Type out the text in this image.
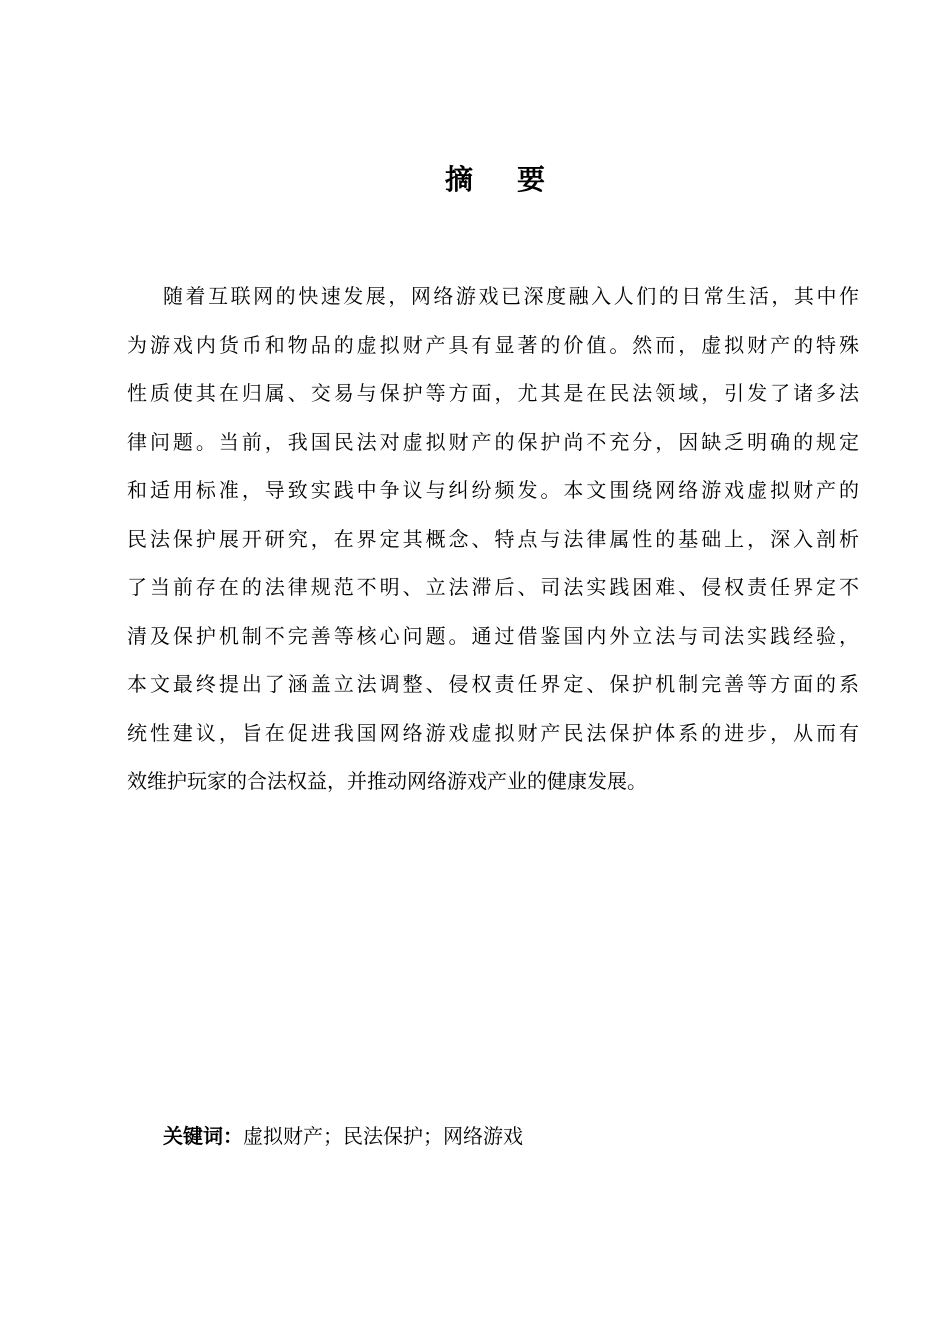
摘 要

随着互联网的快速发展，网络游戏已深度融入人们的日常生活，其中作
为游戏内货币和物品的虚拟财产具有显著的价值。然而，虚拟财产的特殊
性质使其在归属、交易与保护等方面，尤其是在民法领域，引发了诸多法
律问题。当前，我国民法对虚拟财产的保护尚不充分，因缺乏明确的规定
和适用标准，导致实践中争议与纠纷频发。本文围绕网络游戏虚拟财产的
民法保护展开研究，在界定其概念、特点与法律属性的基础上，深入剖析
了当前存在的法律规范不明、立法滞后、司法实践困难、侵权责任界定不
清及保护机制不完善等核心问题。通过借鉴国内外立法与司法实践经验，
本文最终提出了涵盖立法调整、侵权责任界定、保护机制完善等方面的系
统性建议，旨在促进我国网络游戏虚拟财产民法保护体系的进步，从而有
效维护玩家的合法权益，并推动网络游戏产业的健康发展。

关键词：虚拟财产；民法保护；网络游戏
